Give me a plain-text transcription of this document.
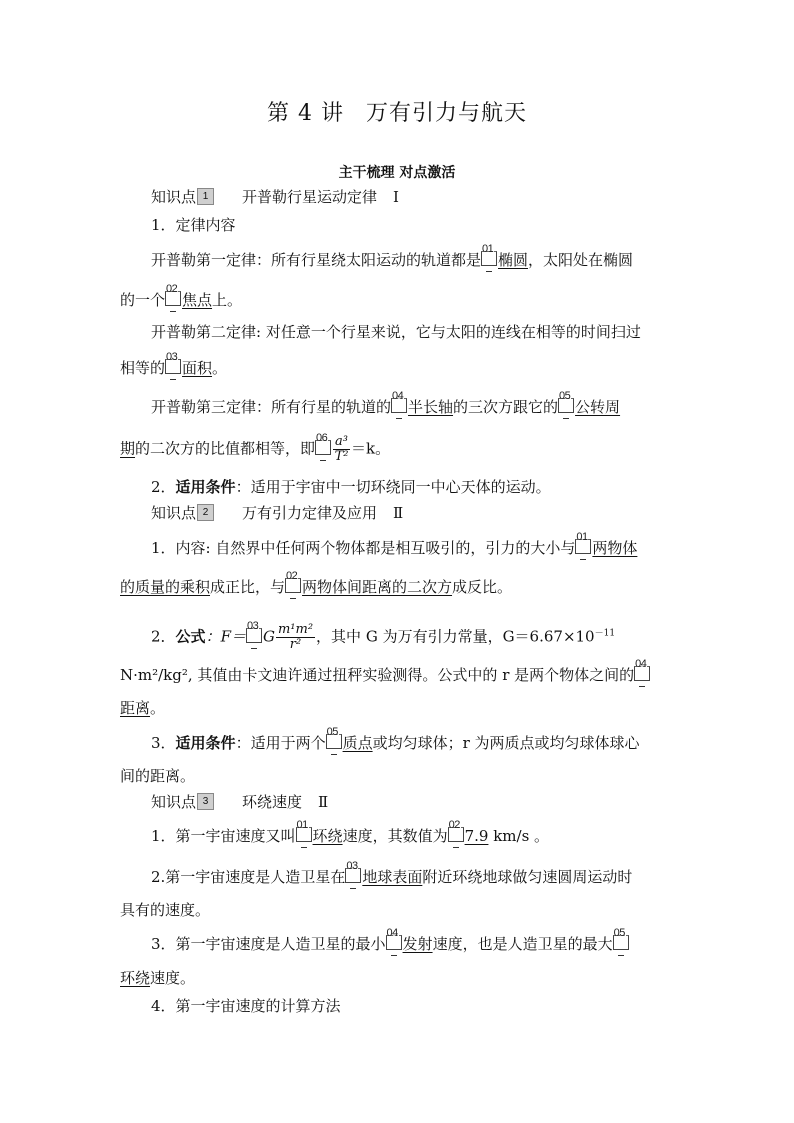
第 4 讲 万有引力与航天
主干梳理 对点激活
知识点 1 开普勒行星运动定律 Ⅰ
1．定律内容
开普勒第一定律：所有行星绕太阳运动的轨道都是
01
椭圆，太阳处在椭圆
的一个
02
焦点上。
开普勒第二定律: 对任意一个行星来说，它与太阳的连线在相等的时间扫过
相等的
03
面积。
开普勒第三定律：所有行星的轨道的
04
半长轴的三次方跟它的
05
公转周
期的二次方的比值都相等，即
$06 \frac{\text{a³}}{\text{T²}} =k$。
2．适用条件：适用于宇宙中一切环绕同一中心天体的运动。
知识点 2 万有引力定律及应用 Ⅱ
1．内容: 自然界中任何两个物体都是相互吸引的，引力的大小与
01
两物体
的质量的乘积成正比，与
02
两物体间距离的二次方成反比。
2．公式：F＝
03
G $\frac{\text{m¹m²}}{\text{r²}}$ ，其中 G 为万有引力常量，$G=6.67\times 10^{-11}$
N·m²/kg², 其值由卡文迪许通过扭秤实验测得。公式中的 r 是两个物体之间的
04
距离。
3．适用条件：适用于两个
05
质点或均匀球体；r 为两质点或均匀球体球心
间的距离。
知识点 3 环绕速度 Ⅱ
1．第一宇宙速度又叫
01
环绕速度，其数值为
02
7.9 km/s 。
2.第一宇宙速度是人造卫星在
03
地球表面附近环绕地球做匀速圆周运动时
具有的速度。
3．第一宇宙速度是人造卫星的最小
04
发射速度，也是人造卫星的最大
05
环绕速度。
4．第一宇宙速度的计算方法
